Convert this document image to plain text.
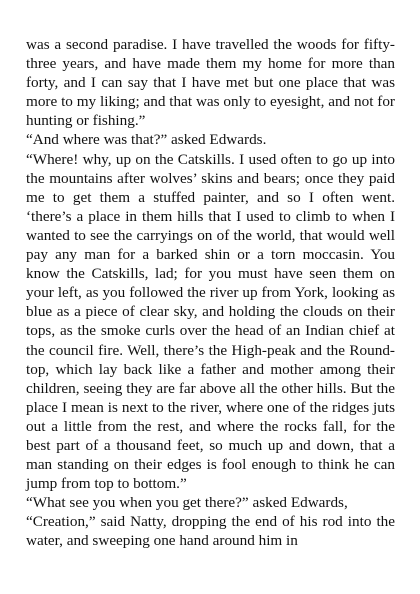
was a second paradise. I have travelled the woods for fifty-three years, and have made them my home for more than forty, and I can say that I have met but one place that was more to my liking; and that was only to eyesight, and not for hunting or fishing.”

“And where was that?” asked Edwards.

“Where! why, up on the Catskills. I used often to go up into the mountains after wolves’ skins and bears; once they paid me to get them a stuffed painter, and so I often went. ‘there’s a place in them hills that I used to climb to when I wanted to see the carryings on of the world, that would well pay any man for a barked shin or a torn moccasin. You know the Catskills, lad; for you must have seen them on your left, as you followed the river up from York, looking as blue as a piece of clear sky, and holding the clouds on their tops, as the smoke curls over the head of an Indian chief at the council fire. Well, there’s the High-peak and the Round-top, which lay back like a father and mother among their children, seeing they are far above all the other hills. But the place I mean is next to the river, where one of the ridges juts out a little from the rest, and where the rocks fall, for the best part of a thousand feet, so much up and down, that a man standing on their edges is fool enough to think he can jump from top to bottom.”

“What see you when you get there?” asked Edwards,

“Creation,” said Natty, dropping the end of his rod into the water, and sweeping one hand around him in
